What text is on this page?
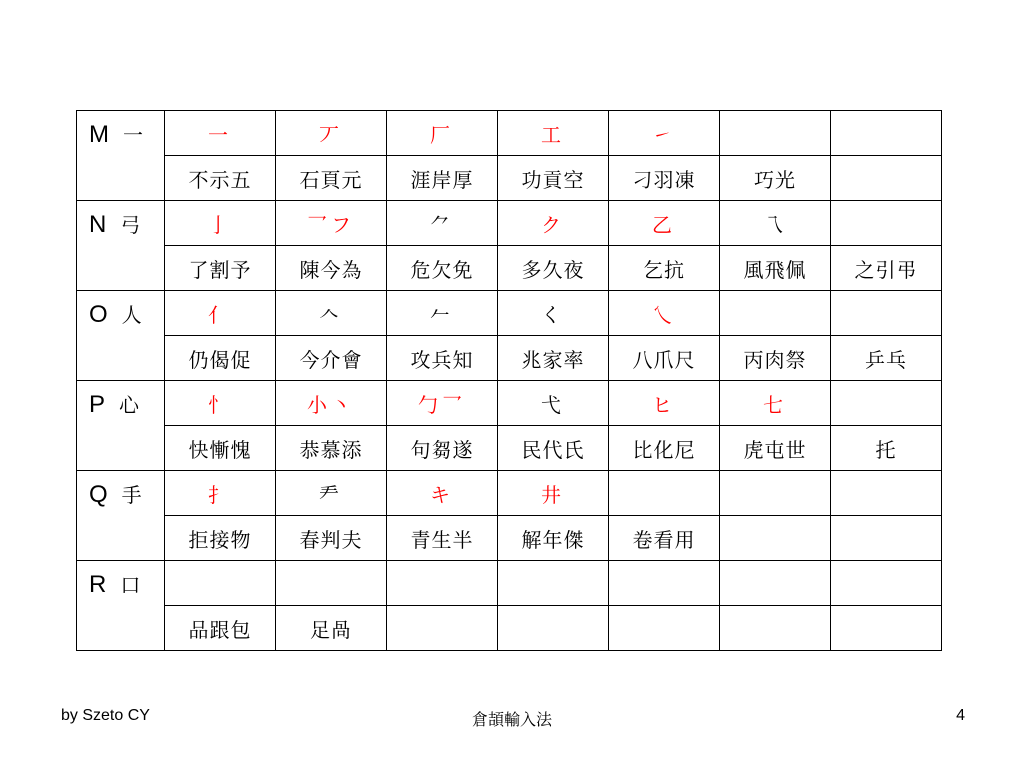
M 一	一	丆	厂	工	㇀		
	不示五	石頁元	涯岸厚	功貢空	刁羽凍	巧光	
N 弓	亅	乛フ	⺈	ク	乙	乁	
	了割予	陳今為	危欠免	多久夜	乞抗	風飛佩	之引弔
O 人	亻	𠆢	𠂉	く	乀		
	仍偈促	今介會	攻兵知	兆家率	八爪尺	丙肉祭	乒乓
P 心	忄	小丶	勹乛	弋	ヒ	七	
	快慚愧	恭慕添	句芻遂	民代氏	比化尼	虎屯世	托
Q 手	扌	龵	キ	井			
	拒接物	春判夫	青生半	解年傑	卷看用		
R 口							
	品跟包	足咼					
by Szeto CY	倉頡輸入法	4
